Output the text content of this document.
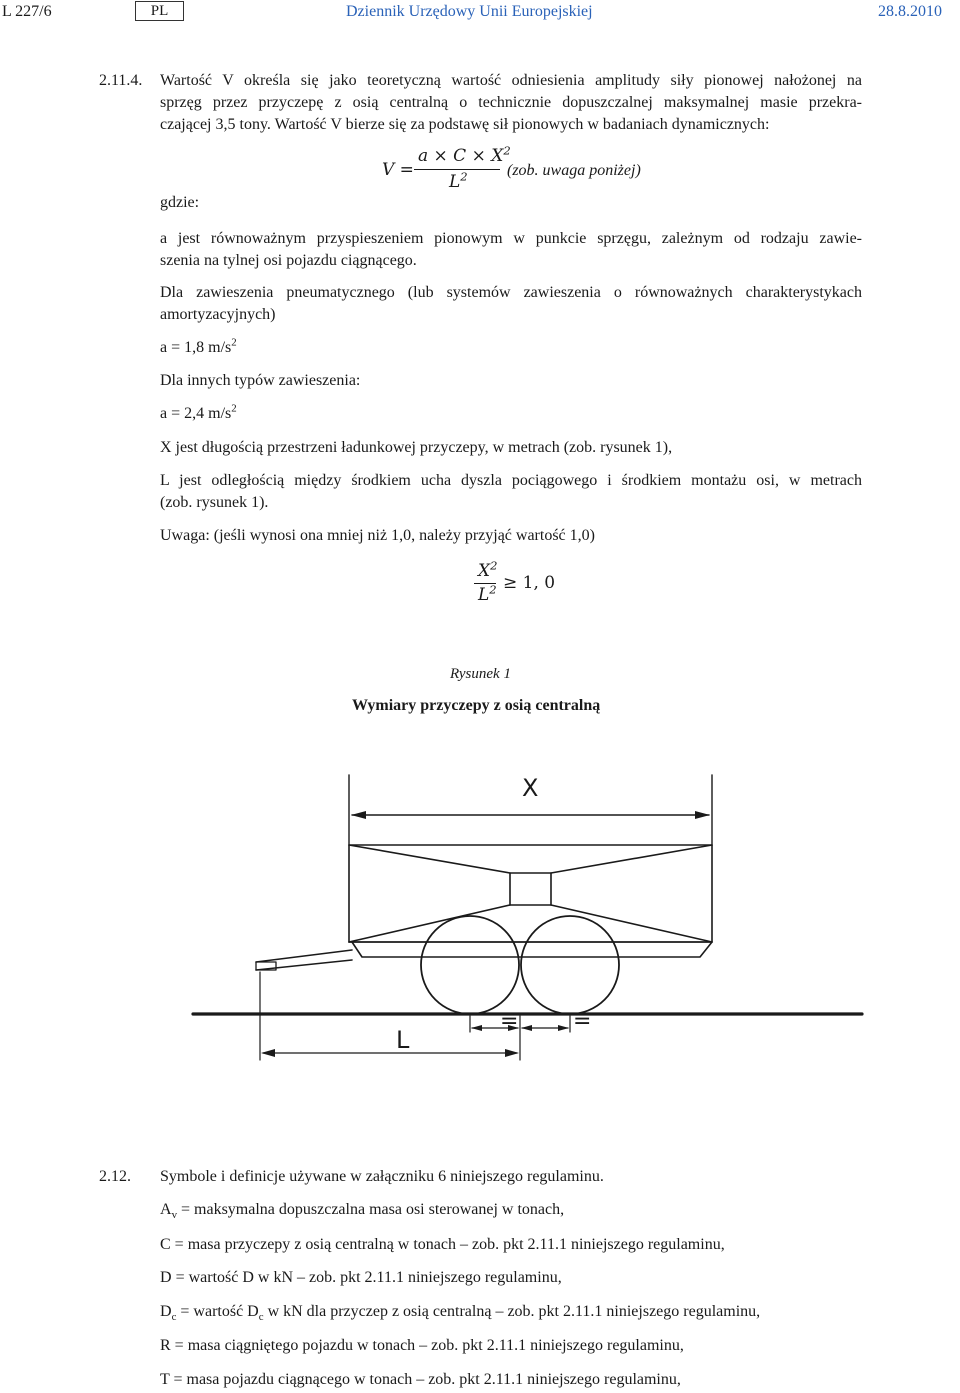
L 227/6	PL	Dziennik Urzędowy Unii Europejskiej	28.8.2010
2.11.4. Wartość V określa się jako teoretyczną wartość odniesienia amplitudy siły pionowej nałożonej na

sprzęg przez przyczepę z osią centralną o technicznie dopuszczalnej maksymalnej masie przekra-

czającej 3,5 tony. Wartość V bierze się za podstawę sił pionowych w badaniach dynamicznych:

V =
$a \times C \times X^2$
$L^2$ (zob. uwaga poniżej)
gdzie:

a jest równoważnym przyspieszeniem pionowym w punkcie sprzęgu, zależnym od rodzaju zawie-

szenia na tylnej osi pojazdu ciągnącego.

Dla zawieszenia pneumatycznego (lub systemów zawieszenia o równoważnych charakterystykach

amortyzacyjnych)

a = 1,8 $m/s^2$
Dla innych typów zawieszenia:
a = 2,4 $m/s^2$

X jest długością przestrzeni ładunkowej przyczepy, w metrach (zob. rysunek 1),

L jest odległością między środkiem ucha dyszla pociągowego i środkiem montażu osi, w metrach

(zob. rysunek 1).

Uwaga: (jeśli wynosi ona mniej niż 1,0, należy przyjąć wartość 1,0)

$X^2$
$L^2 \ge 1$, 0
Rysunek 1
Wymiary przyczepy z osią centralną
X
L
= =
2.12. Symbole i definicje używane w załączniku 6 niniejszego regulaminu.

$A_v$ = maksymalna dopuszczalna masa osi sterowanej w tonach,
C = masa przyczepy z osią centralną w tonach – zob. pkt 2.11.1 niniejszego regulaminu,
D = wartość D w kN – zob. pkt 2.11.1 niniejszego regulaminu,
$D_c$ = wartość $D_c$ w kN dla przyczep z osią centralną – zob. pkt 2.11.1 niniejszego regulaminu,
R = masa ciągniętego pojazdu w tonach – zob. pkt 2.11.1 niniejszego regulaminu,
T = masa pojazdu ciągnącego w tonach – zob. pkt 2.11.1 niniejszego regulaminu,
